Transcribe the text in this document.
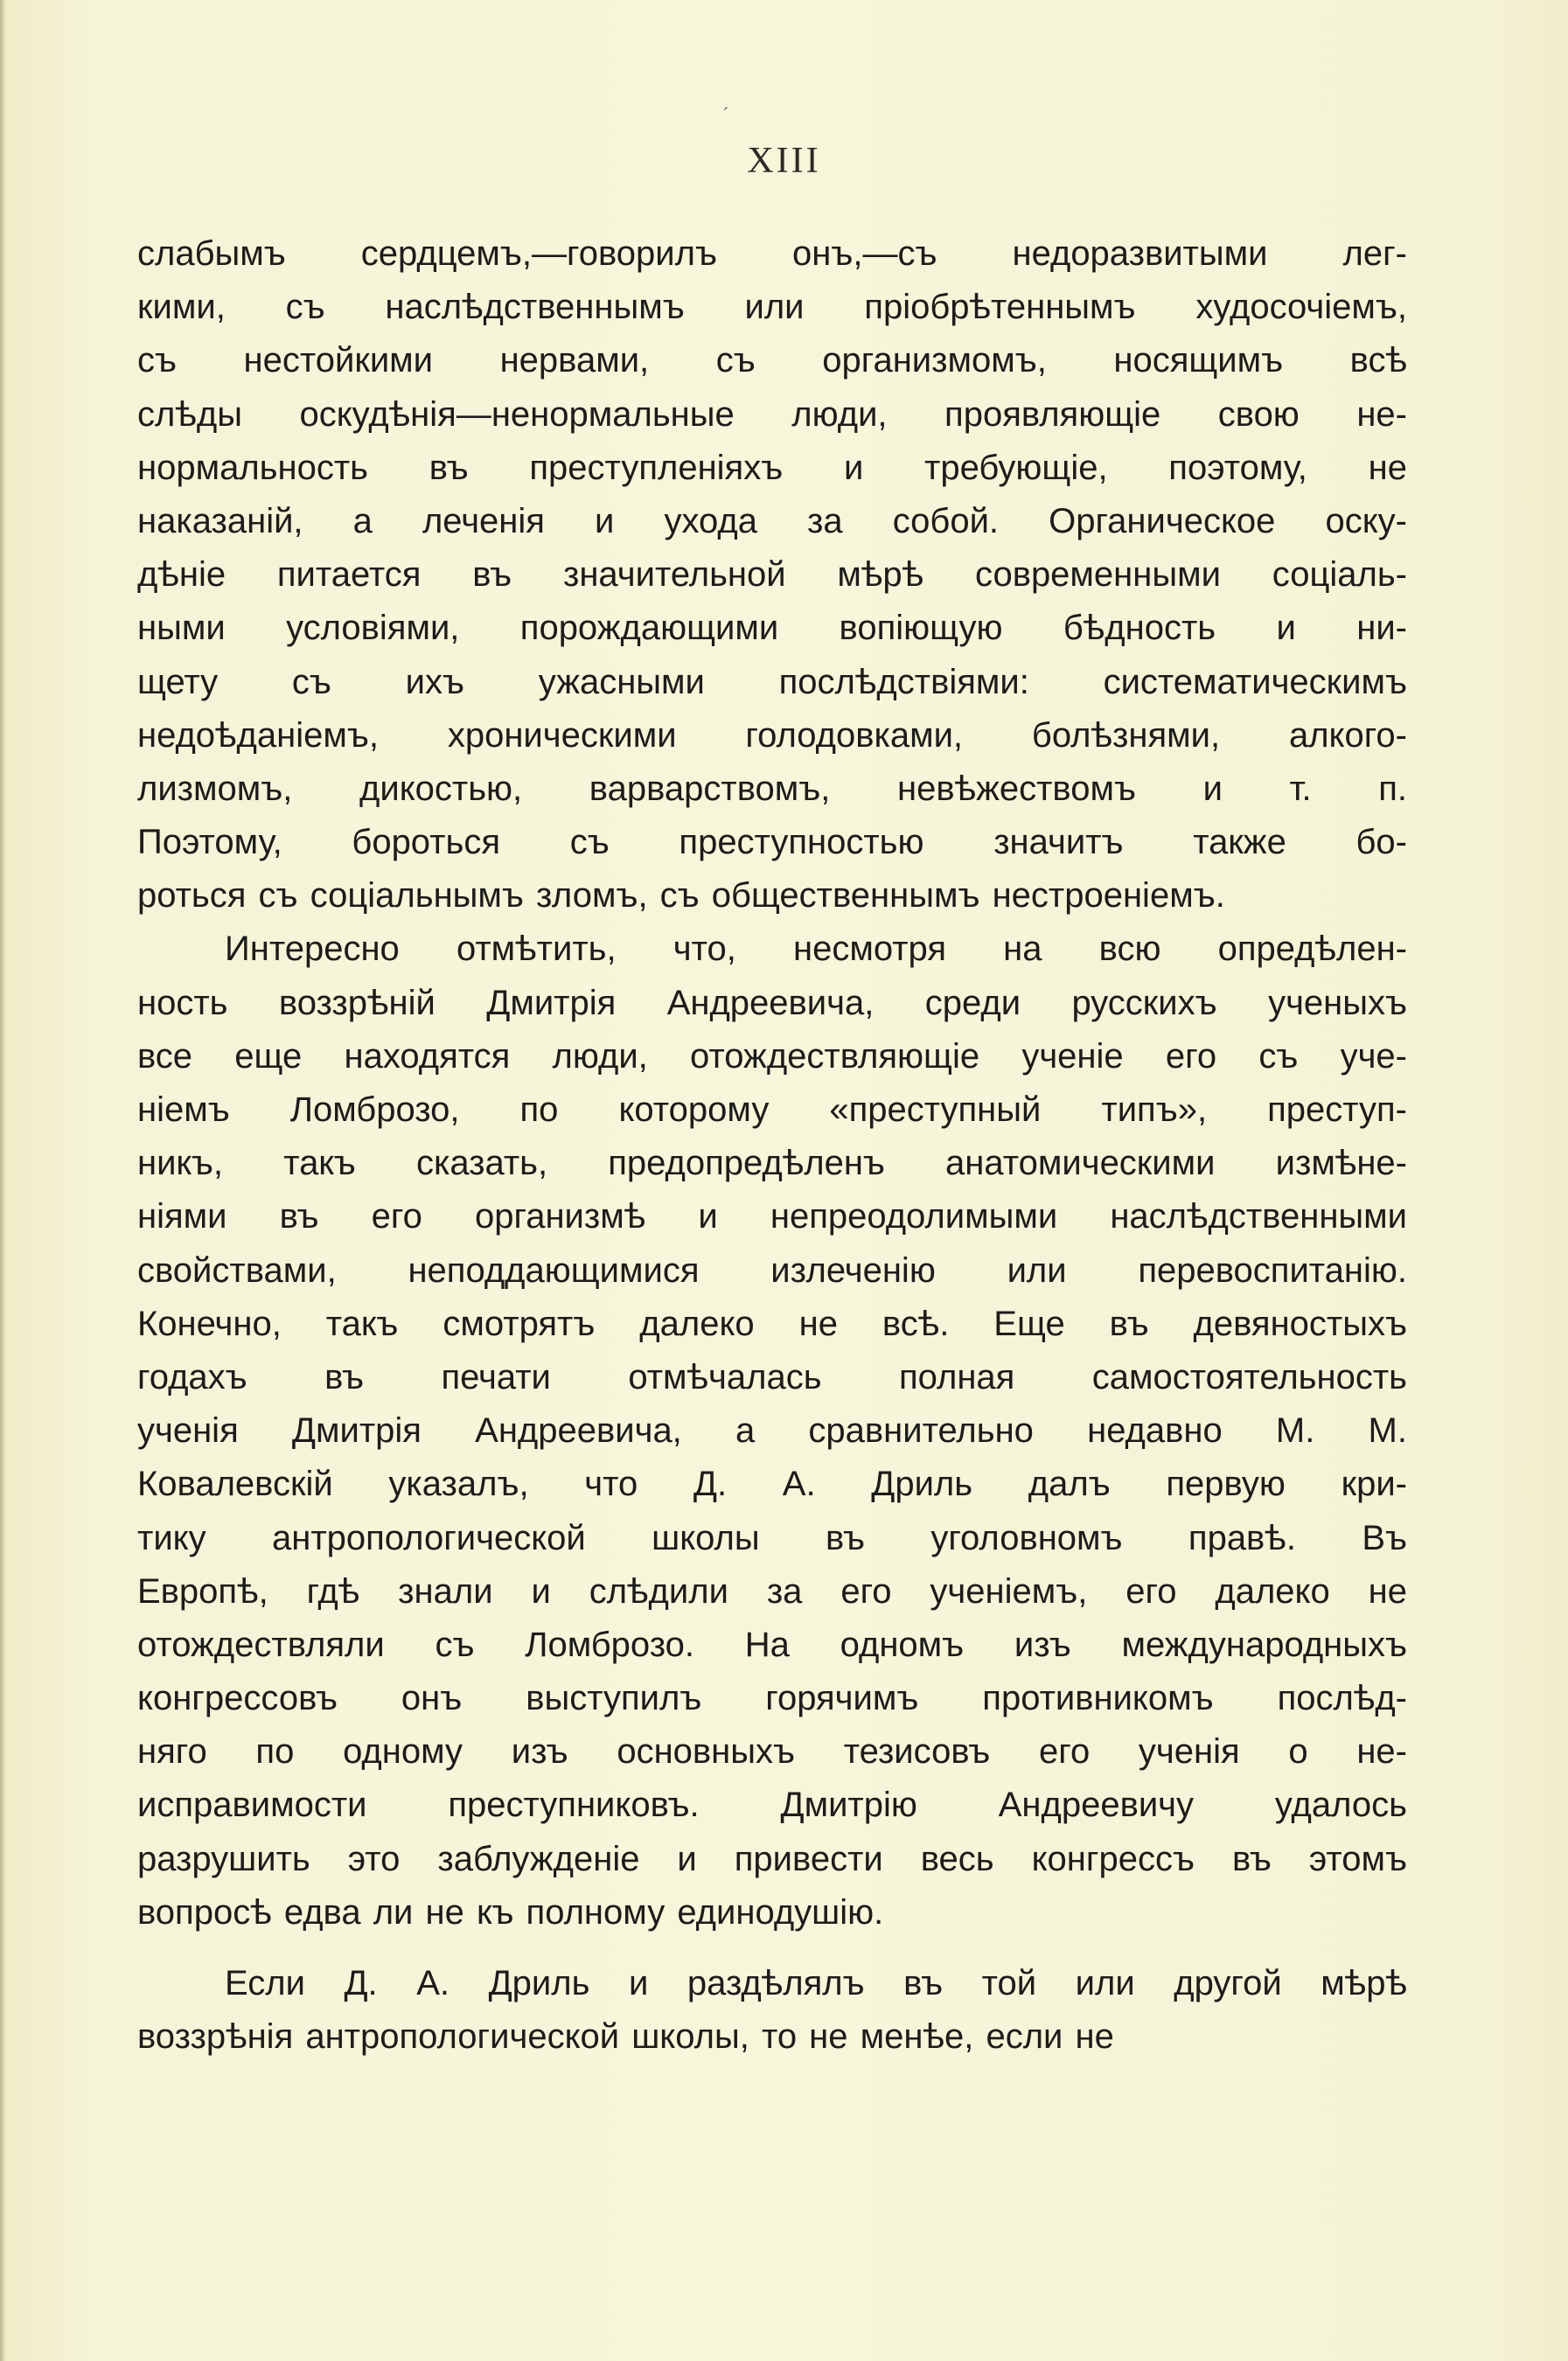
´
XIII
слабымъ сердцемъ,—говорилъ онъ,—съ недоразвитыми лег-
кими, съ наслѣдственнымъ или пріобрѣтеннымъ худосочіемъ,
съ нестойкими нервами, съ организмомъ, носящимъ всѣ
слѣды оскудѣнія—ненормальные люди, проявляющіе свою не-
нормальность въ преступленіяхъ и требующіе, поэтому, не
наказаній, а леченія и ухода за собой. Органическое оску-
дѣніе питается въ значительной мѣрѣ современными соціаль-
ными условіями, порождающими вопіющую бѣдность и ни-
щету съ ихъ ужасными послѣдствіями: систематическимъ
недоѣданіемъ, хроническими голодовками, болѣзнями, алкого-
лизмомъ, дикостью, варварствомъ, невѣжествомъ и т. п.
Поэтому, бороться съ преступностью значитъ также бо-
роться съ соціальнымъ зломъ, съ общественнымъ нестроеніемъ.
Интересно отмѣтить, что, несмотря на всю опредѣлен-
ность воззрѣній Дмитрія Андреевича, среди русскихъ ученыхъ
все еще находятся люди, отождествляющіе ученіе его съ уче-
ніемъ Ломброзо, по которому «преступный типъ», преступ-
никъ, такъ сказать, предопредѣленъ анатомическими измѣне-
ніями въ его организмѣ и непреодолимыми наслѣдственными
свойствами, неподдающимися излеченію или перевоспитанію.
Конечно, такъ смотрятъ далеко не всѣ. Еще въ девяностыхъ
годахъ въ печати отмѣчалась полная самостоятельность
ученія Дмитрія Андреевича, а сравнительно недавно М. М.
Ковалевскій указалъ, что Д. А. Дриль далъ первую кри-
тику антропологической школы въ уголовномъ правѣ. Въ
Европѣ, гдѣ знали и слѣдили за его ученіемъ, его далеко не
отождествляли съ Ломброзо. На одномъ изъ международныхъ
конгрессовъ онъ выступилъ горячимъ противникомъ послѣд-
няго по одному изъ основныхъ тезисовъ его ученія о не-
исправимости преступниковъ. Дмитрію Андреевичу удалось
разрушить это заблужденіе и привести весь конгрессъ въ этомъ
вопросѣ едва ли не къ полному единодушію.
Если Д. А. Дриль и раздѣлялъ въ той или другой мѣрѣ
воззрѣнія антропологической школы, то не менѣе, если не
